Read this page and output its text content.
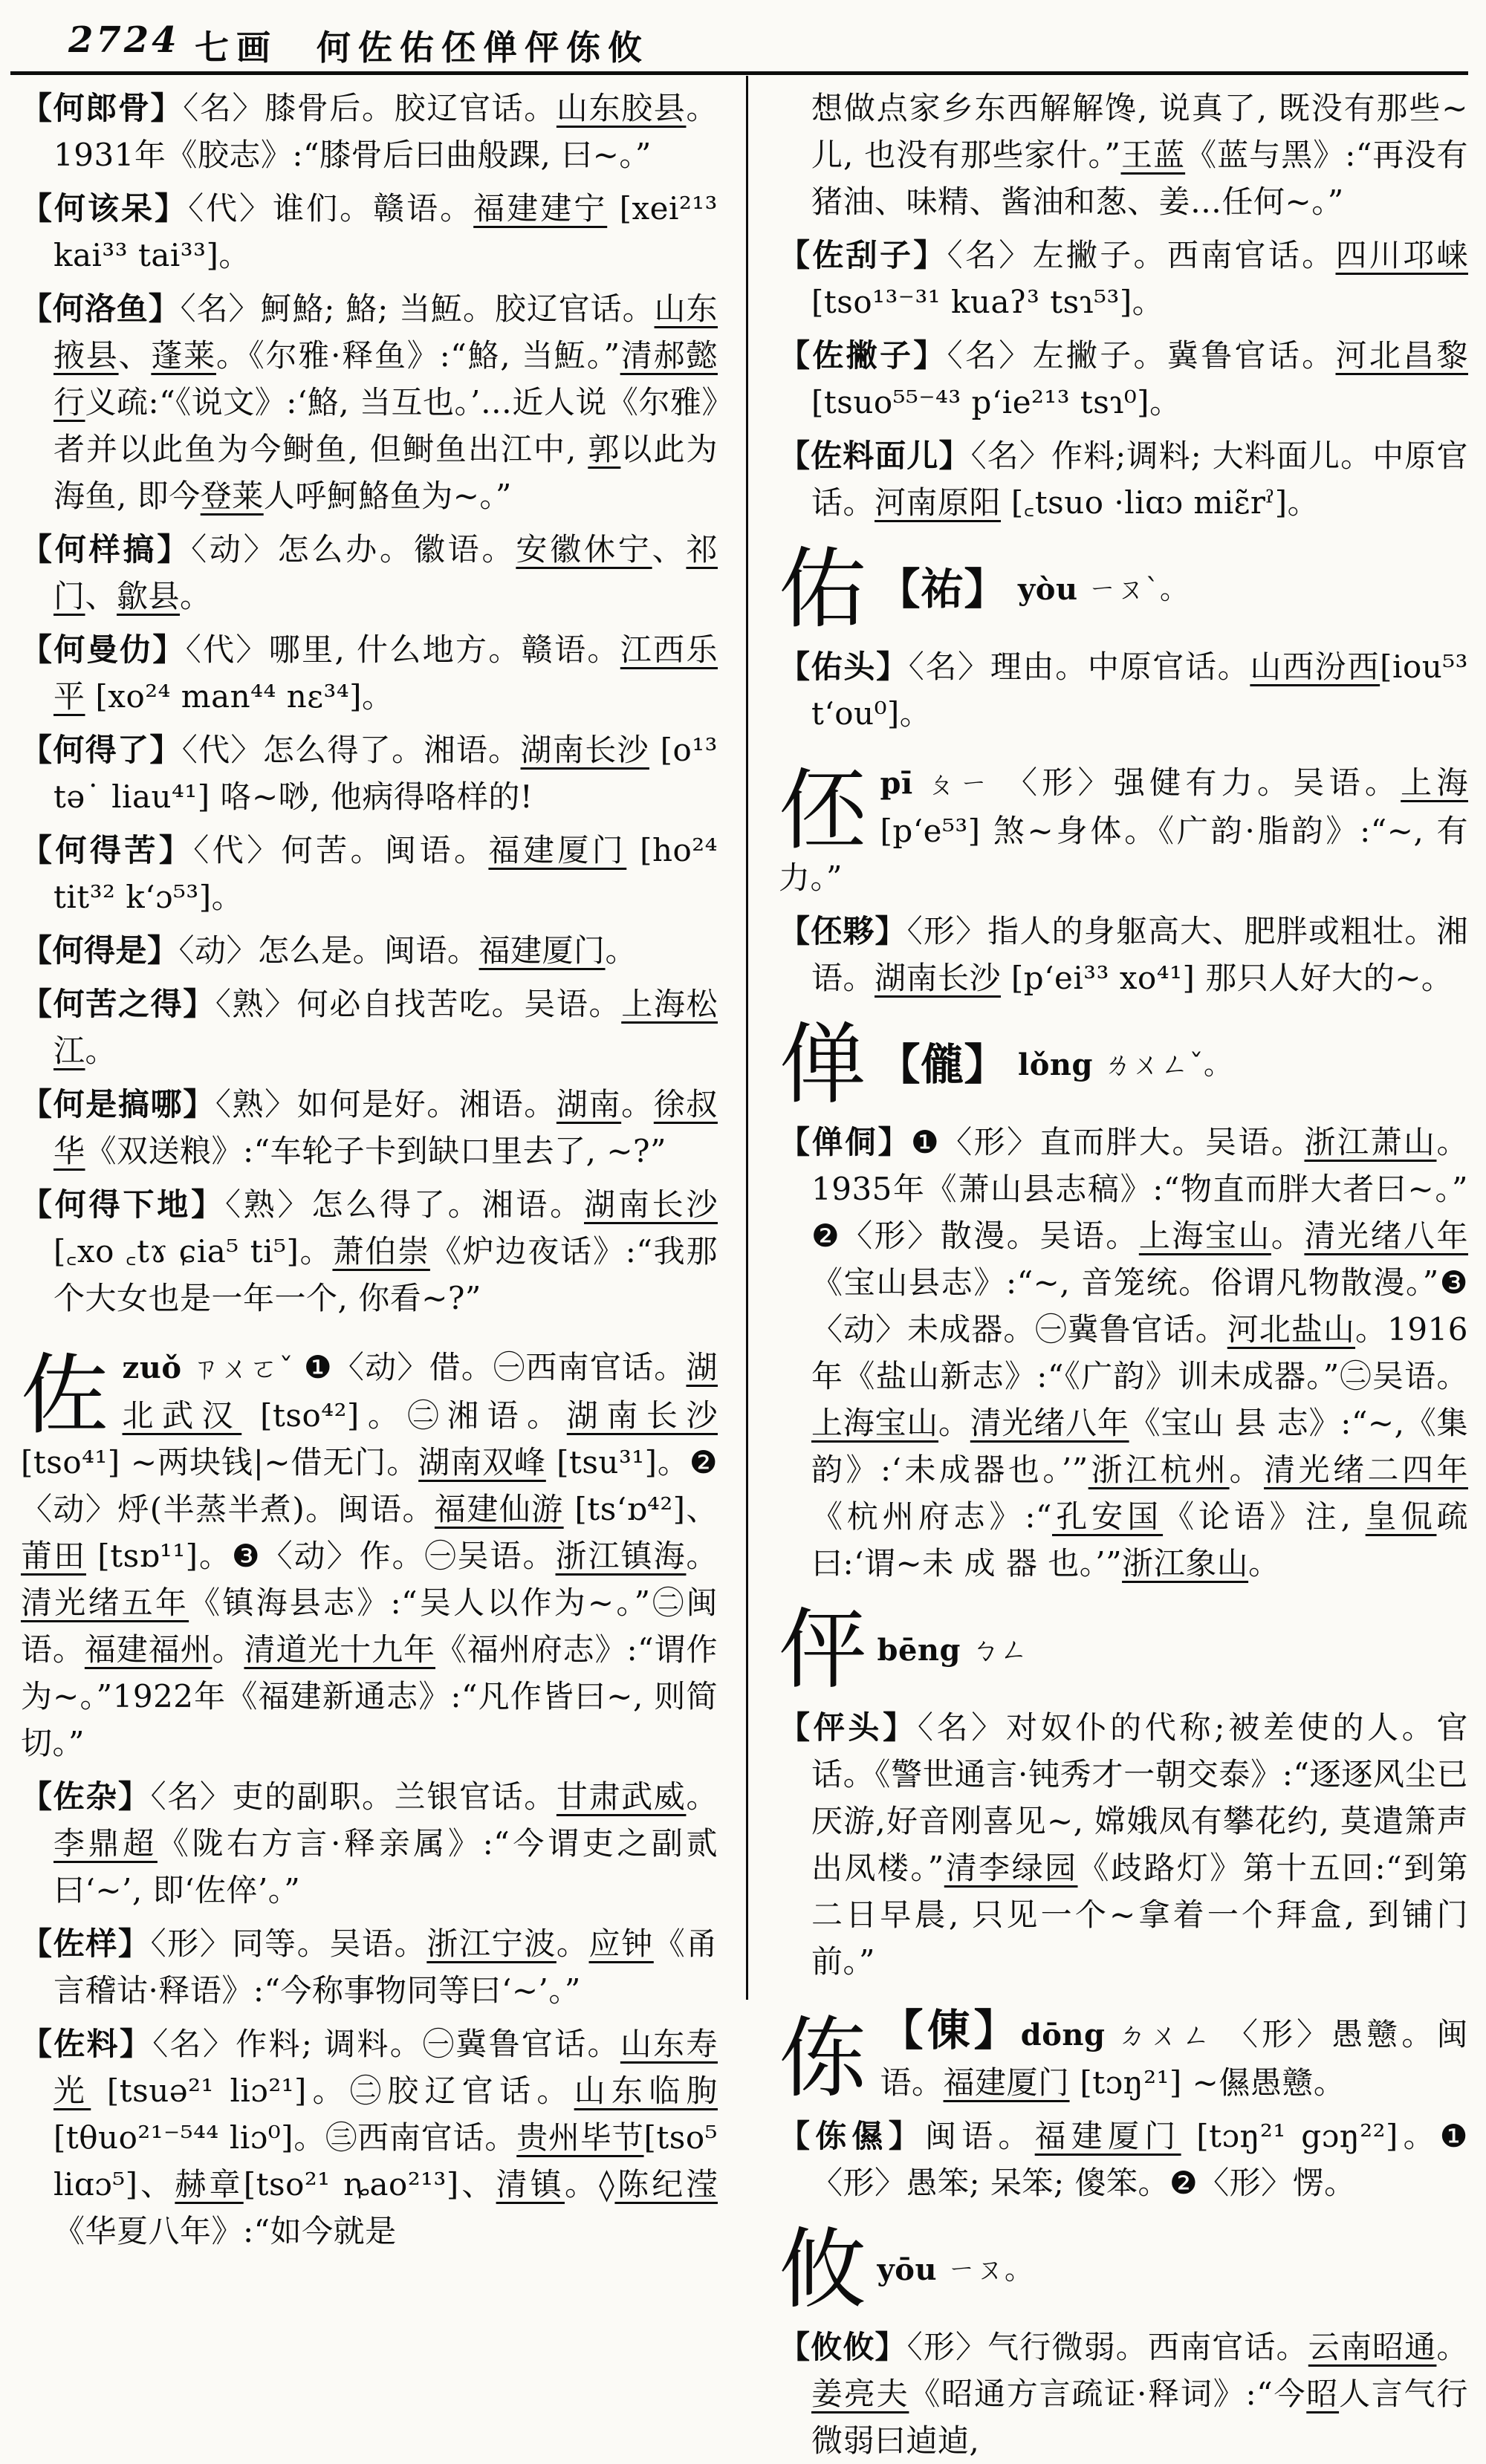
2724 七画 何佐佑伾𫢸伻㑈攸
【何郎骨】〈名〉膝骨后。胶辽官话。山东胶县。1931年《胶志》:“膝骨后曰曲般踝, 曰~。”
【何该呆】〈代〉谁们。赣语。福建建宁 [xei²¹³ kai³³ tai³³]。
【何洛鱼】〈名〉魺鮥; 鮥; 当魱。胶辽官话。山东掖县、蓬莱。《尔雅·释鱼》:“鮥, 当魱。”清郝懿行义疏:“《说文》:‘鮥, 当互也。’…近人说《尔雅》者并以此鱼为今鲥鱼, 但鲥鱼出江中, 郭以此为海鱼, 即今登莱人呼魺鮥鱼为~。”
【何样搞】〈动〉怎么办。徽语。安徽休宁、祁门、歙县。
【何曼仂】〈代〉哪里, 什么地方。赣语。江西乐平 [xo²⁴ man⁴⁴ nɛ³⁴]。
【何得了】〈代〉怎么得了。湘语。湖南长沙 [o¹³ tə˙ liau⁴¹] 咯~唦, 他病得咯样的!
【何得苦】〈代〉何苦。闽语。福建厦门 [ho²⁴ tit³² k‘ɔ⁵³]。
【何得是】〈动〉怎么是。闽语。福建厦门。
【何苦之得】〈熟〉何必自找苦吃。吴语。上海松江。
【何是搞哪】〈熟〉如何是好。湘语。湖南。徐叔华《双送粮》:“车轮子卡到缺口里去了, ~?”
【何得下地】〈熟〉怎么得了。湘语。湖南长沙 [꜀xo ꜀tɤ ɕia⁵ ti⁵]。萧伯崇《炉边夜话》:“我那个大女也是一年一个, 你看~?”
佐zuǒ ㄗㄨㄛˇ ❶〈动〉借。㊀西南官话。湖北武汉 [tso⁴²]。㊁湘语。湖南长沙 [tso⁴¹] ~两块钱|~借无门。湖南双峰 [tsu³¹]。❷〈动〉烀(半蒸半煮)。闽语。福建仙游 [ts‘ɒ⁴²]、莆田 [tsɒ¹¹]。❸〈动〉作。㊀吴语。浙江镇海。清光绪五年《镇海县志》:“吴人以作为~。”㊁闽语。福建福州。清道光十九年《福州府志》:“谓作为~。”1922年《福建新通志》:“凡作皆曰~, 则简切。”
【佐杂】〈名〉吏的副职。兰银官话。甘肃武威。李鼎超《陇右方言·释亲属》:“今谓吏之副贰曰‘~’, 即‘佐倅’。”
【佐样】〈形〉同等。吴语。浙江宁波。应钟《甬言稽诂·释语》:“今称事物同等曰‘~’。”
【佐料】〈名〉作料; 调料。㊀冀鲁官话。山东寿光 [tsuə²¹ liɔ²¹]。㊁胶辽官话。山东临朐 [tθuo²¹⁻⁵⁴⁴ liɔ⁰]。㊂西南官话。贵州毕节[tso⁵ liɑɔ⁵]、赫章[tso²¹ ȵao²¹³]、清镇。◊陈纪滢《华夏八年》:“如今就是
想做点家乡东西解解馋, 说真了, 既没有那些~儿, 也没有那些家什。”王蓝《蓝与黑》:“再没有猪油、味精、酱油和葱、姜…任何~。”
【佐刮子】〈名〉左撇子。西南官话。四川邛崃 [tso¹³⁻³¹ kuaʔ³ tsɿ⁵³]。
【佐撇子】〈名〉左撇子。冀鲁官话。河北昌黎 [tsuo⁵⁵⁻⁴³ p‘ie²¹³ tsɿ⁰]。
【佐料面儿】〈名〉作料;调料; 大料面儿。中原官话。河南原阳 [꜀tsuo ·liɑɔ miɛ̃rˀ]。
佑 【祐】 yòu ㄧㄡˋ。
【佑头】〈名〉理由。中原官话。山西汾西[iou⁵³ t‘ou⁰]。
伾pī ㄆㄧ 〈形〉强健有力。吴语。上海 [p‘e⁵³] 煞~身体。《广韵·脂韵》:“~, 有力。”
【伾夥】〈形〉指人的身躯高大、肥胖或粗壮。湘语。湖南长沙 [p‘ei³³ xo⁴¹] 那只人好大的~。
𫢸 【儱】 lǒng ㄌㄨㄥˇ。
【𫢸侗】❶〈形〉直而胖大。吴语。浙江萧山。1935年《萧山县志稿》:“物直而胖大者曰~。”❷〈形〉散漫。吴语。上海宝山。清光绪八年《宝山县志》:“~, 音笼统。俗谓凡物散漫。”❸〈动〉未成器。㊀冀鲁官话。河北盐山。1916年《盐山新志》:“《广韵》训未成器。”㊁吴语。上海宝山。清光绪八年《宝山 县 志》:“~,《集韵》:‘未成器也。’”浙江杭州。清光绪二四年《杭州府志》:“孔安国《论语》注, 皇侃疏曰:‘谓~未 成 器 也。’”浙江象山。
伻 bēng ㄅㄥ
【伻头】〈名〉对奴仆的代称;被差使的人。官话。《警世通言·钝秀才一朝交泰》:“逐逐风尘已厌游,好音刚喜见~, 嫦娥凤有攀花约, 莫遣箫声出凤楼。”清李绿园《歧路灯》第十五回:“到第二日早晨, 只见一个~拿着一个拜盒, 到铺门前。”
㑈 【倲】dōng ㄉㄨㄥ 〈形〉愚戆。闽语。福建厦门 [tɔŋ²¹] ~儑愚戆。
【㑈儑】闽语。福建厦门 [tɔŋ²¹ gɔŋ²²]。❶〈形〉愚笨; 呆笨; 傻笨。❷〈形〉愣。
攸 yōu ㄧㄡ。
【攸攸】〈形〉气行微弱。西南官话。云南昭通。姜亮夫《昭通方言疏证·释词》:“今昭人言气行微弱曰逌逌,
